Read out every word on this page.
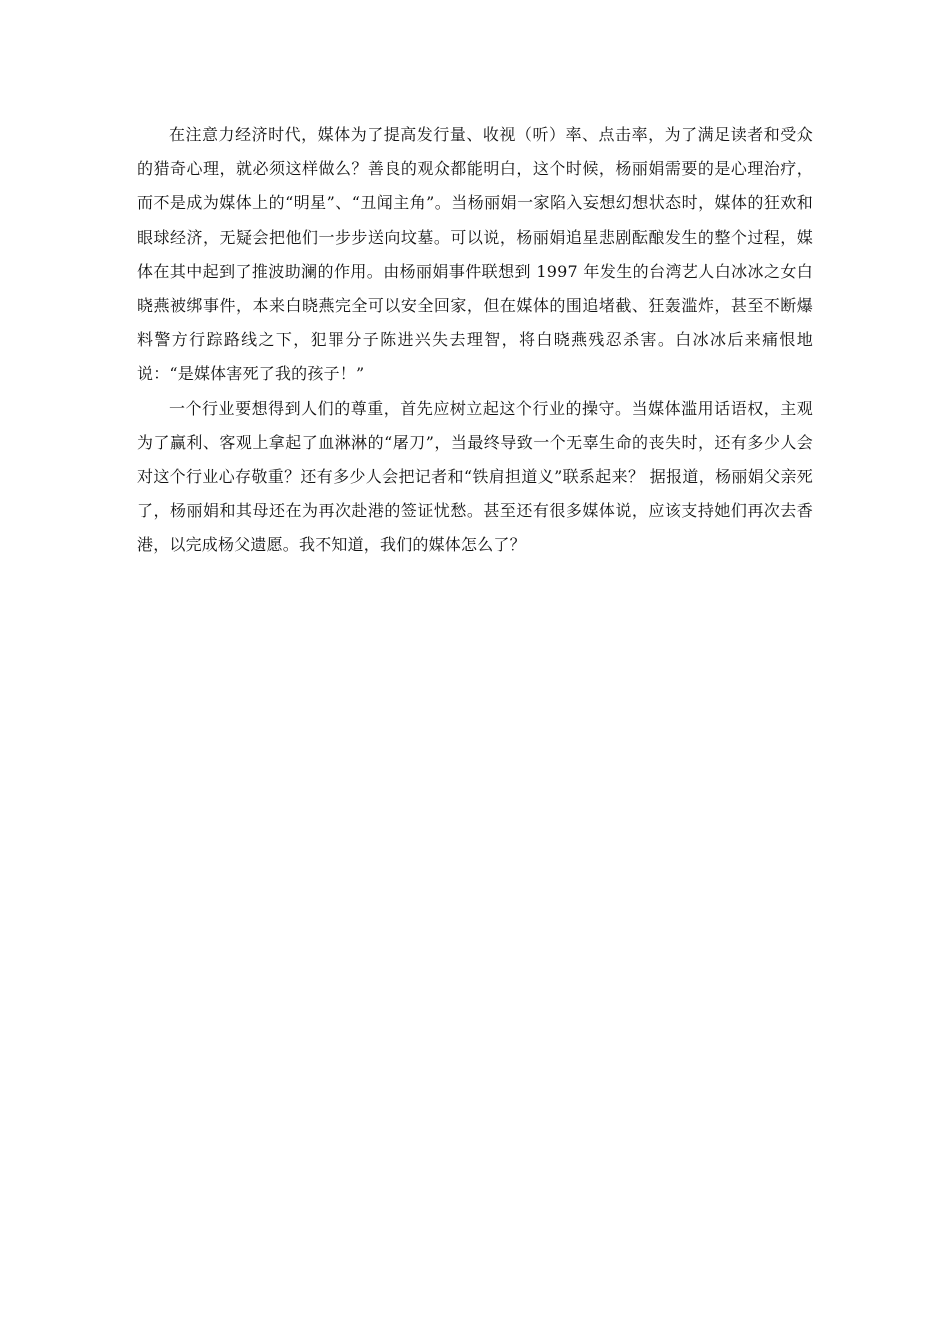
在注意力经济时代，媒体为了提高发行量、收视（听）率、点击率，为了满足读者和受众的猎奇心理，就必须这样做么？善良的观众都能明白，这个时候，杨丽娟需要的是心理治疗，而不是成为媒体上的“明星”、“丑闻主角”。当杨丽娟一家陷入妄想幻想状态时，媒体的狂欢和眼球经济，无疑会把他们一步步送向坟墓。可以说，杨丽娟追星悲剧酝酿发生的整个过程，媒体在其中起到了推波助澜的作用。由杨丽娟事件联想到 1997 年发生的台湾艺人白冰冰之女白晓燕被绑事件，本来白晓燕完全可以安全回家，但在媒体的围追堵截、狂轰滥炸，甚至不断爆料警方行踪路线之下，犯罪分子陈进兴失去理智，将白晓燕残忍杀害。白冰冰后来痛恨地说：“是媒体害死了我的孩子！”

一个行业要想得到人们的尊重，首先应树立起这个行业的操守。当媒体滥用话语权，主观为了赢利、客观上拿起了血淋淋的“屠刀”，当最终导致一个无辜生命的丧失时，还有多少人会对这个行业心存敬重？还有多少人会把记者和“铁肩担道义”联系起来？ 据报道，杨丽娟父亲死了，杨丽娟和其母还在为再次赴港的签证忧愁。甚至还有很多媒体说，应该支持她们再次去香港，以完成杨父遗愿。我不知道，我们的媒体怎么了？
